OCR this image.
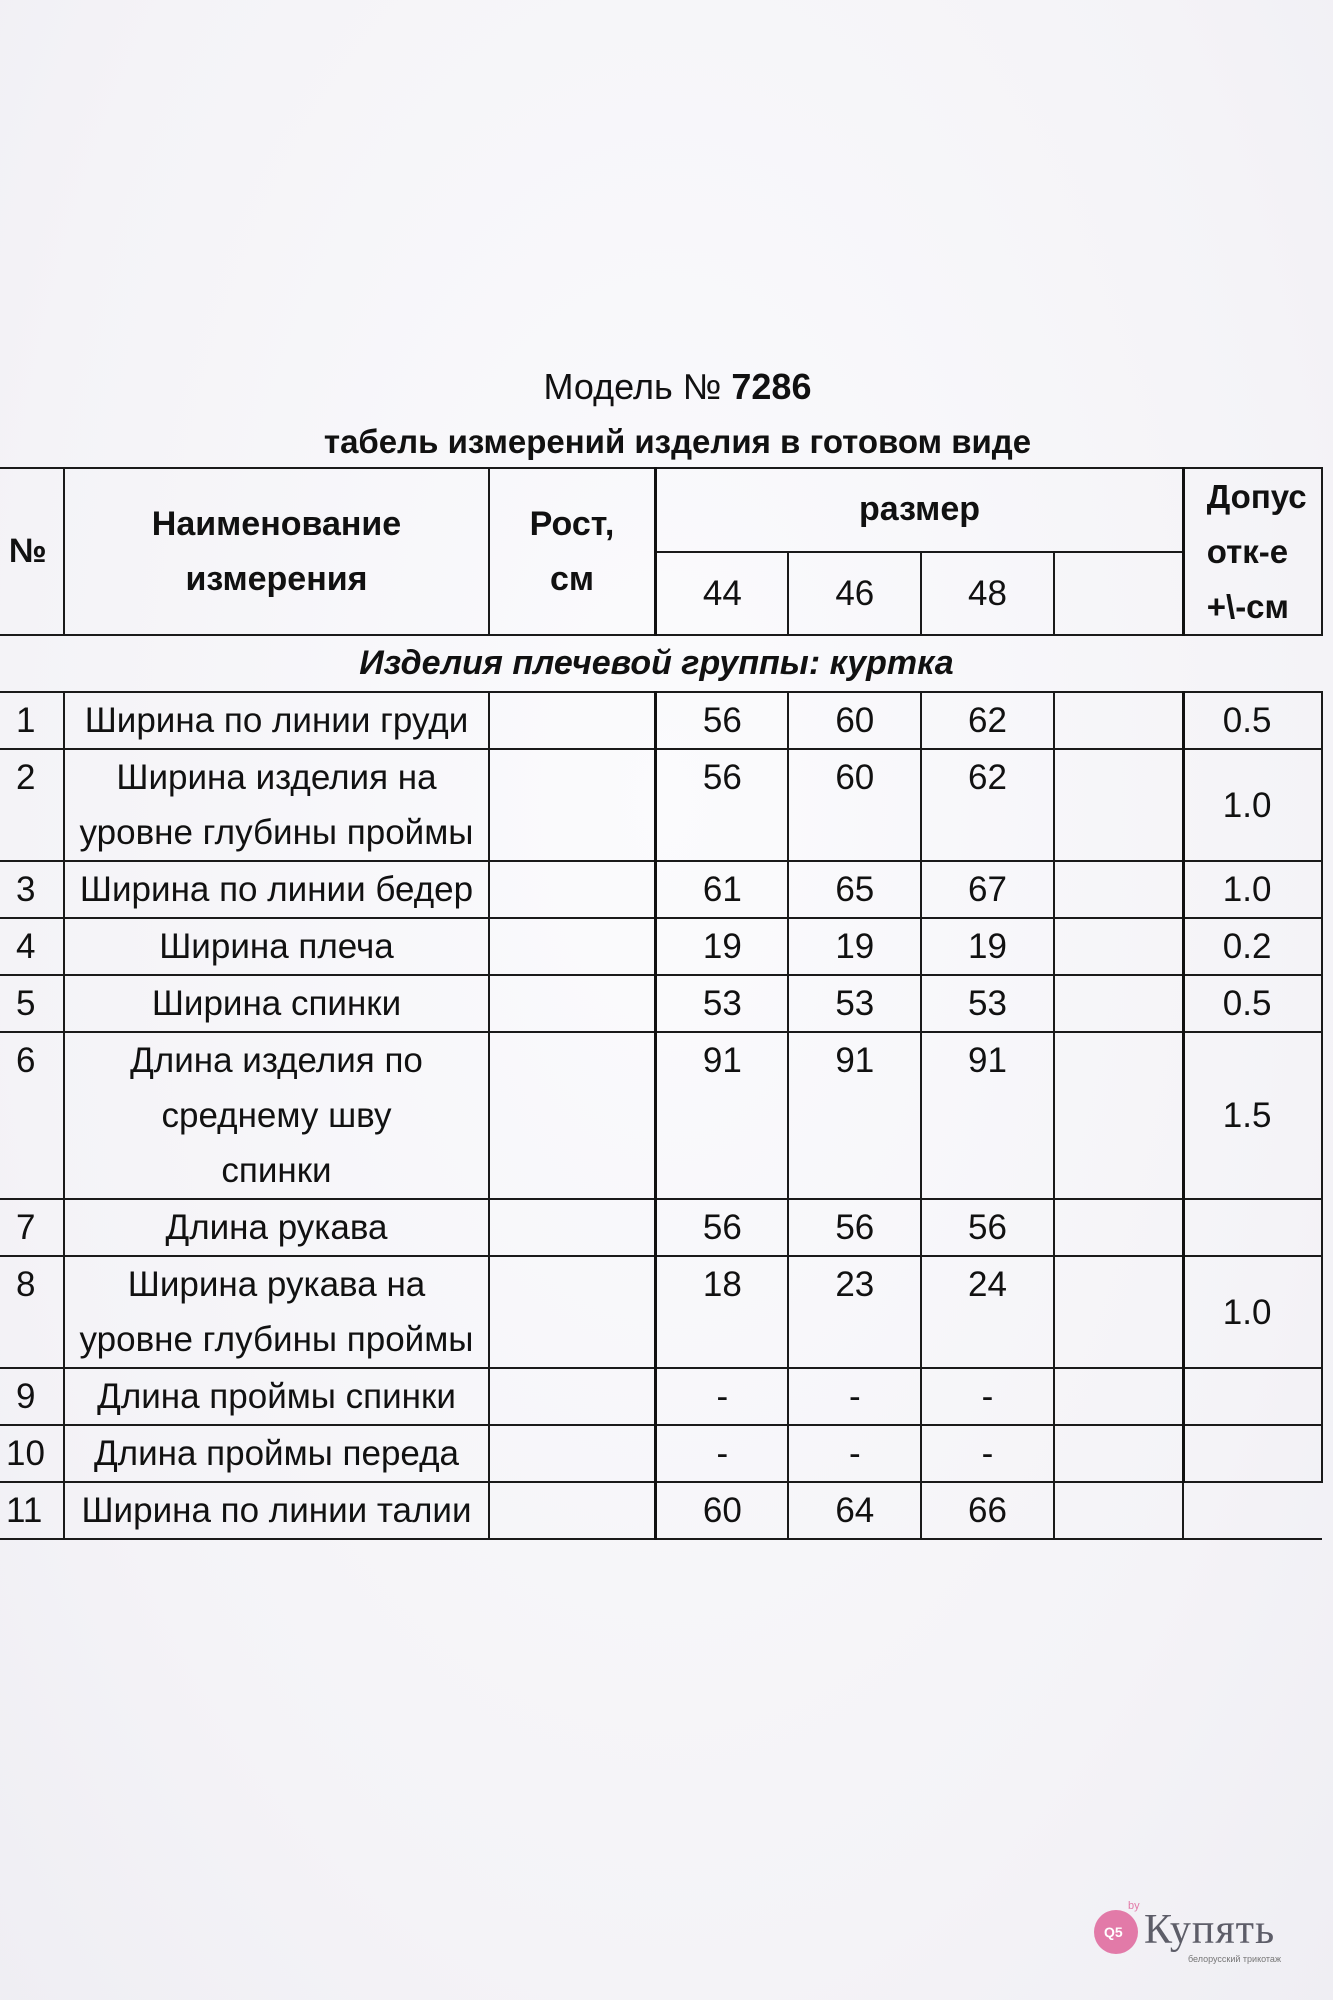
Модель № 7286
табель измерений изделия в готовом виде
№	Наименование измерения	Рост, см	размер				Допус отк-е +\-см
			44	46	48		
Изделия плечевой группы: куртка							
1	Ширина по линии груди		56	60	62		0.5
2	Ширина изделия на уровне глубины проймы		56	60	62		1.0
3	Ширина по линии бедер		61	65	67		1.0
4	Ширина плеча		19	19	19		0.2
5	Ширина спинки		53	53	53		0.5
6	Длина изделия по среднему шву спинки		91	91	91		1.5
7	Длина рукава		56	56	56		
8	Ширина рукава на уровне глубины проймы		18	23	24		1.0
9	Длина проймы спинки		-	-	-		
10	Длина проймы переда		-	-	-		
11	Ширина по линии талии		60	64	66		
Q5
by
Купять
белорусский трикотаж
